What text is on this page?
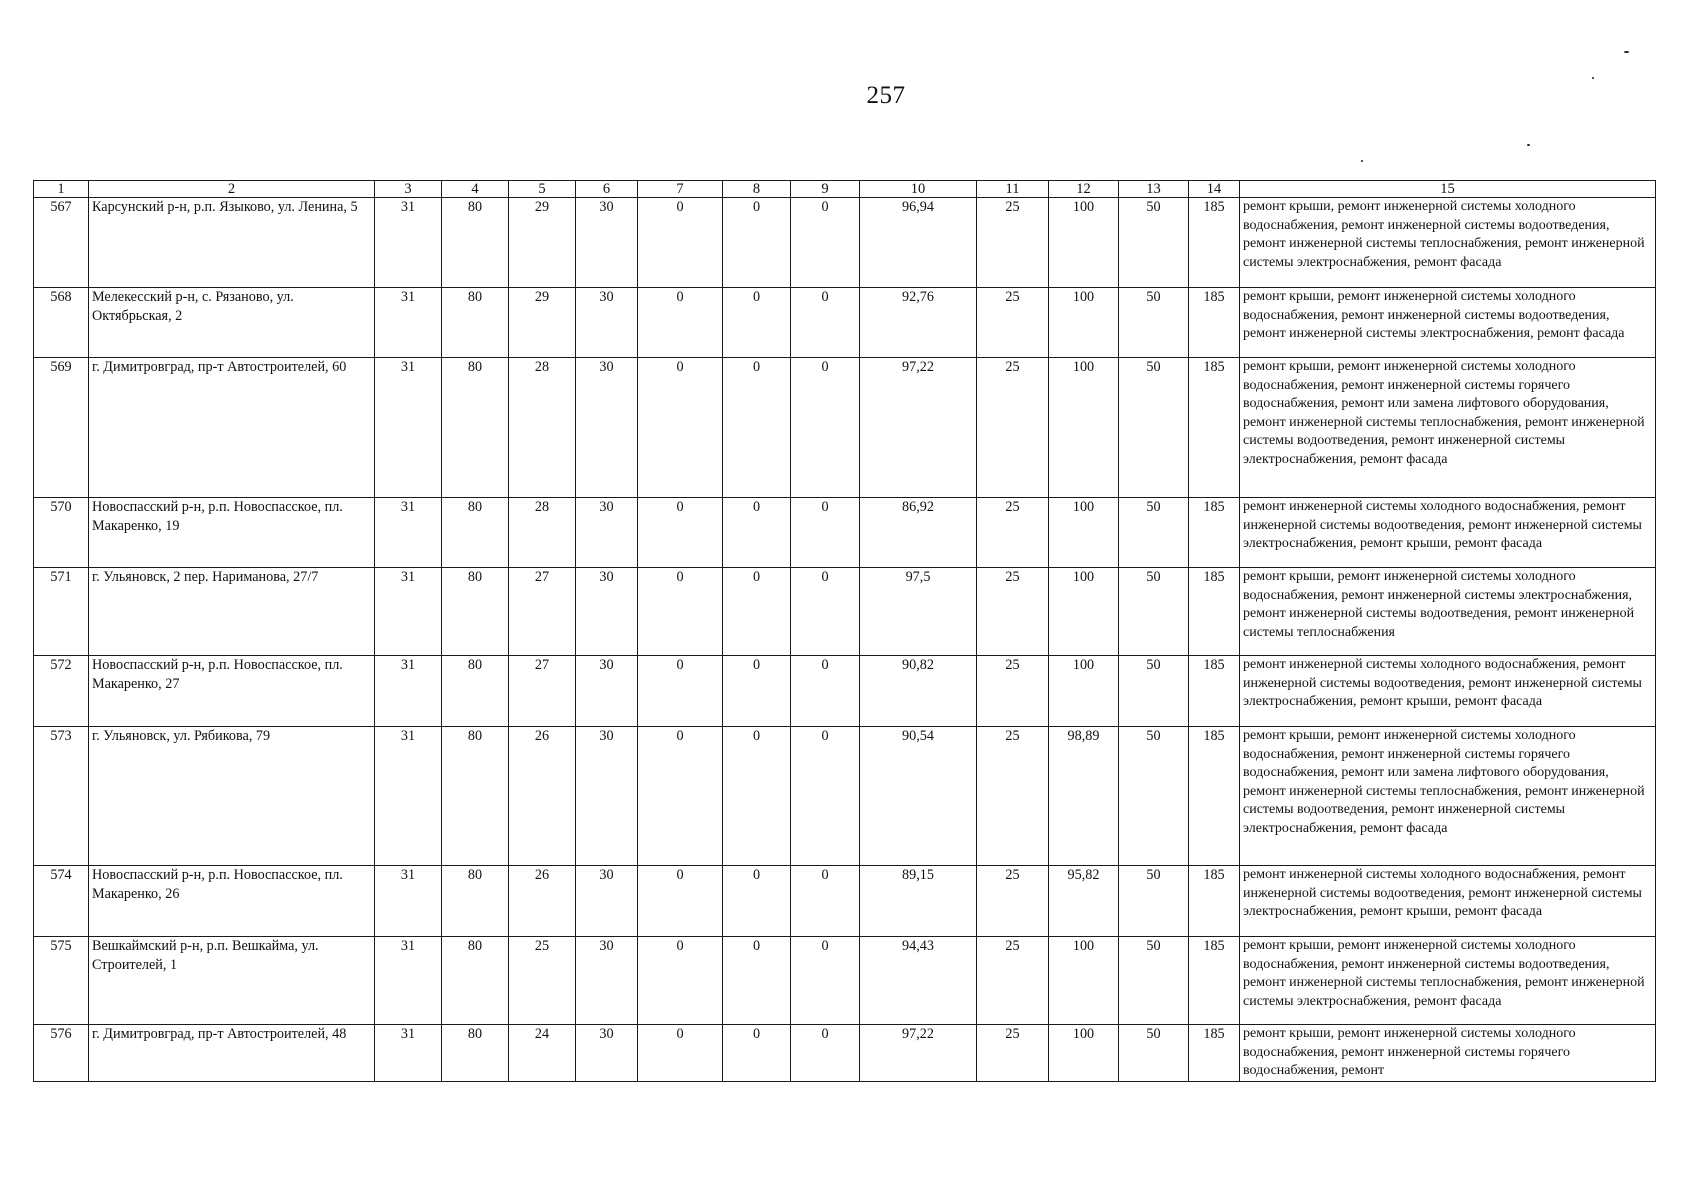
257
1	2	3	4	5	6	7	8	9	10	11	12	13	14	15
567	Карсунский р-н, р.п. Языково, ул. Ленина, 5	31	80	29	30	0	0	0	96,94	25	100	50	185	ремонт крыши, ремонт инженерной системы холодного водоснабжения, ремонт инженерной системы водоотведения, ремонт инженерной системы теплоснабжения, ремонт инженерной системы электроснабжения, ремонт фасада
568	Мелекесский р-н, с. Рязаново, ул. Октябрьская, 2	31	80	29	30	0	0	0	92,76	25	100	50	185	ремонт крыши, ремонт инженерной системы холодного водоснабжения, ремонт инженерной системы водоотведения, ремонт инженерной системы электроснабжения, ремонт фасада
569	г. Димитровград, пр-т Автостроителей, 60	31	80	28	30	0	0	0	97,22	25	100	50	185	ремонт крыши, ремонт инженерной системы холодного водоснабжения, ремонт инженерной системы горячего водоснабжения, ремонт или замена лифтового оборудования, ремонт инженерной системы теплоснабжения, ремонт инженерной системы водоотведения, ремонт инженерной системы электроснабжения, ремонт фасада
570	Новоспасский р-н, р.п. Новоспасское, пл. Макаренко, 19	31	80	28	30	0	0	0	86,92	25	100	50	185	ремонт инженерной системы холодного водоснабжения, ремонт инженерной системы водоотведения, ремонт инженерной системы электроснабжения, ремонт крыши, ремонт фасада
571	г. Ульяновск, 2 пер. Нариманова, 27/7	31	80	27	30	0	0	0	97,5	25	100	50	185	ремонт крыши, ремонт инженерной системы холодного водоснабжения, ремонт инженерной системы электроснабжения, ремонт инженерной системы водоотведения, ремонт инженерной системы теплоснабжения
572	Новоспасский р-н, р.п. Новоспасское, пл. Макаренко, 27	31	80	27	30	0	0	0	90,82	25	100	50	185	ремонт инженерной системы холодного водоснабжения, ремонт инженерной системы водоотведения, ремонт инженерной системы электроснабжения, ремонт крыши, ремонт фасада
573	г. Ульяновск, ул. Рябикова, 79	31	80	26	30	0	0	0	90,54	25	98,89	50	185	ремонт крыши, ремонт инженерной системы холодного водоснабжения, ремонт инженерной системы горячего водоснабжения, ремонт или замена лифтового оборудования, ремонт инженерной системы теплоснабжения, ремонт инженерной системы водоотведения, ремонт инженерной системы электроснабжения, ремонт фасада
574	Новоспасский р-н, р.п. Новоспасское, пл. Макаренко, 26	31	80	26	30	0	0	0	89,15	25	95,82	50	185	ремонт инженерной системы холодного водоснабжения, ремонт инженерной системы водоотведения, ремонт инженерной системы электроснабжения, ремонт крыши, ремонт фасада
575	Вешкаймский р-н, р.п. Вешкайма, ул. Строителей, 1	31	80	25	30	0	0	0	94,43	25	100	50	185	ремонт крыши, ремонт инженерной системы холодного водоснабжения, ремонт инженерной системы водоотведения, ремонт инженерной системы теплоснабжения, ремонт инженерной системы электроснабжения, ремонт фасада
576	г. Димитровград, пр-т Автостроителей, 48	31	80	24	30	0	0	0	97,22	25	100	50	185	ремонт крыши, ремонт инженерной системы холодного водоснабжения, ремонт инженерной системы горячего водоснабжения, ремонт
